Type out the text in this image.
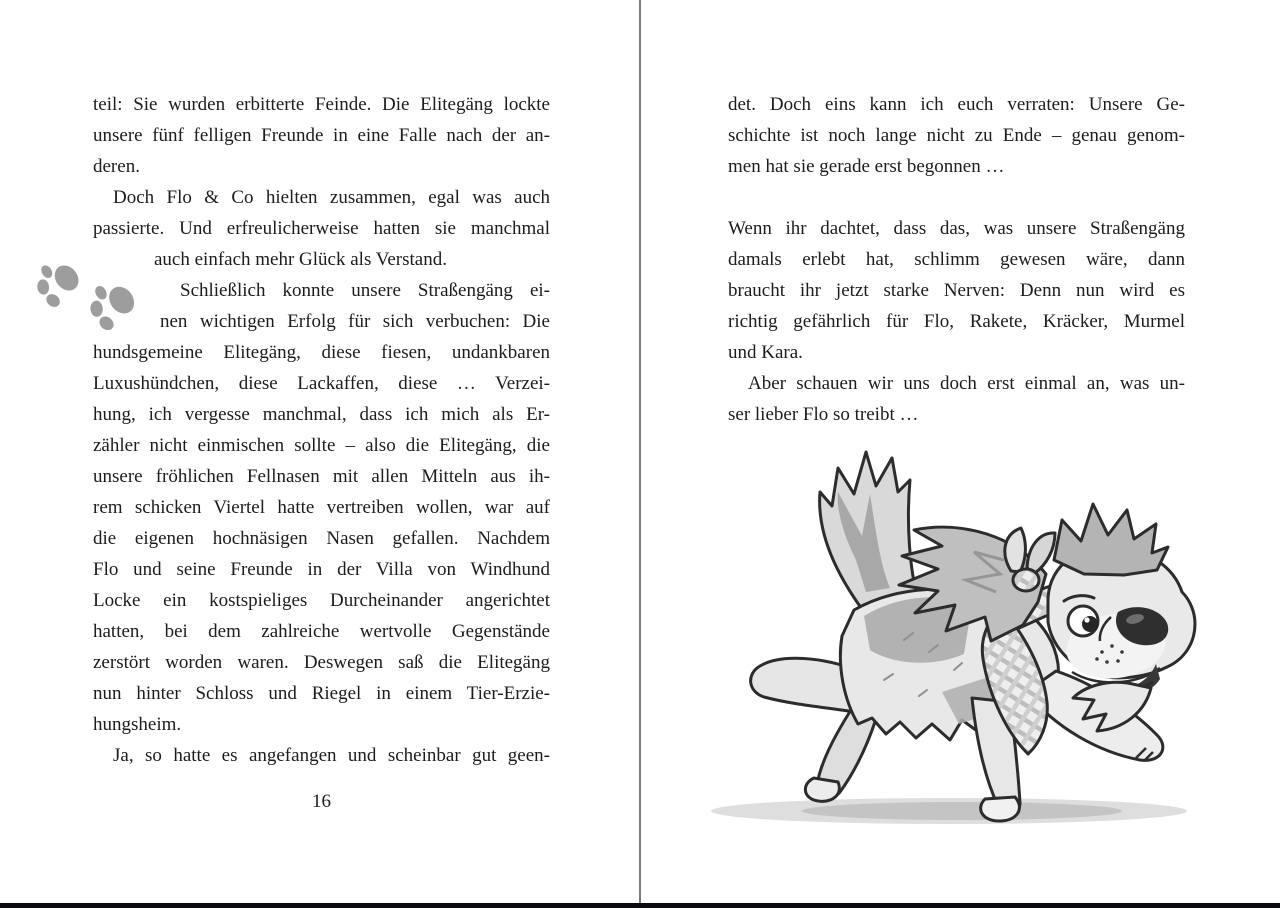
teil: Sie wurden erbitterte Feinde. Die Elitegäng lockte
unsere fünf felligen Freunde in eine Falle nach der an-
deren.
Doch Flo & Co hielten zusammen, egal was auch
passierte. Und erfreulicherweise hatten sie manchmal
auch einfach mehr Glück als Verstand.
Schließlich konnte unsere Straßengäng ei-
nen wichtigen Erfolg für sich verbuchen: Die
hundsgemeine Elitegäng, diese fiesen, undankbaren
Luxushündchen, diese Lackaffen, diese … Verzei-
hung, ich vergesse manchmal, dass ich mich als Er-
zähler nicht einmischen sollte – also die Elitegäng, die
unsere fröhlichen Fellnasen mit allen Mitteln aus ih-
rem schicken Viertel hatte vertreiben wollen, war auf
die eigenen hochnäsigen Nasen gefallen. Nachdem
Flo und seine Freunde in der Villa von Windhund
Locke ein kostspieliges Durcheinander angerichtet
hatten, bei dem zahlreiche wertvolle Gegenstände
zerstört worden waren. Deswegen saß die Elitegäng
nun hinter Schloss und Riegel in einem Tier-Erzie-
hungsheim.
Ja, so hatte es angefangen und scheinbar gut geen-
16
det. Doch eins kann ich euch verraten: Unsere Ge-
schichte ist noch lange nicht zu Ende – genau genom-
men hat sie gerade erst begonnen …
Wenn ihr dachtet, dass das, was unsere Straßengäng
damals erlebt hat, schlimm gewesen wäre, dann
braucht ihr jetzt starke Nerven: Denn nun wird es
richtig gefährlich für Flo, Rakete, Kräcker, Murmel
und Kara.
Aber schauen wir uns doch erst einmal an, was un-
ser lieber Flo so treibt …
